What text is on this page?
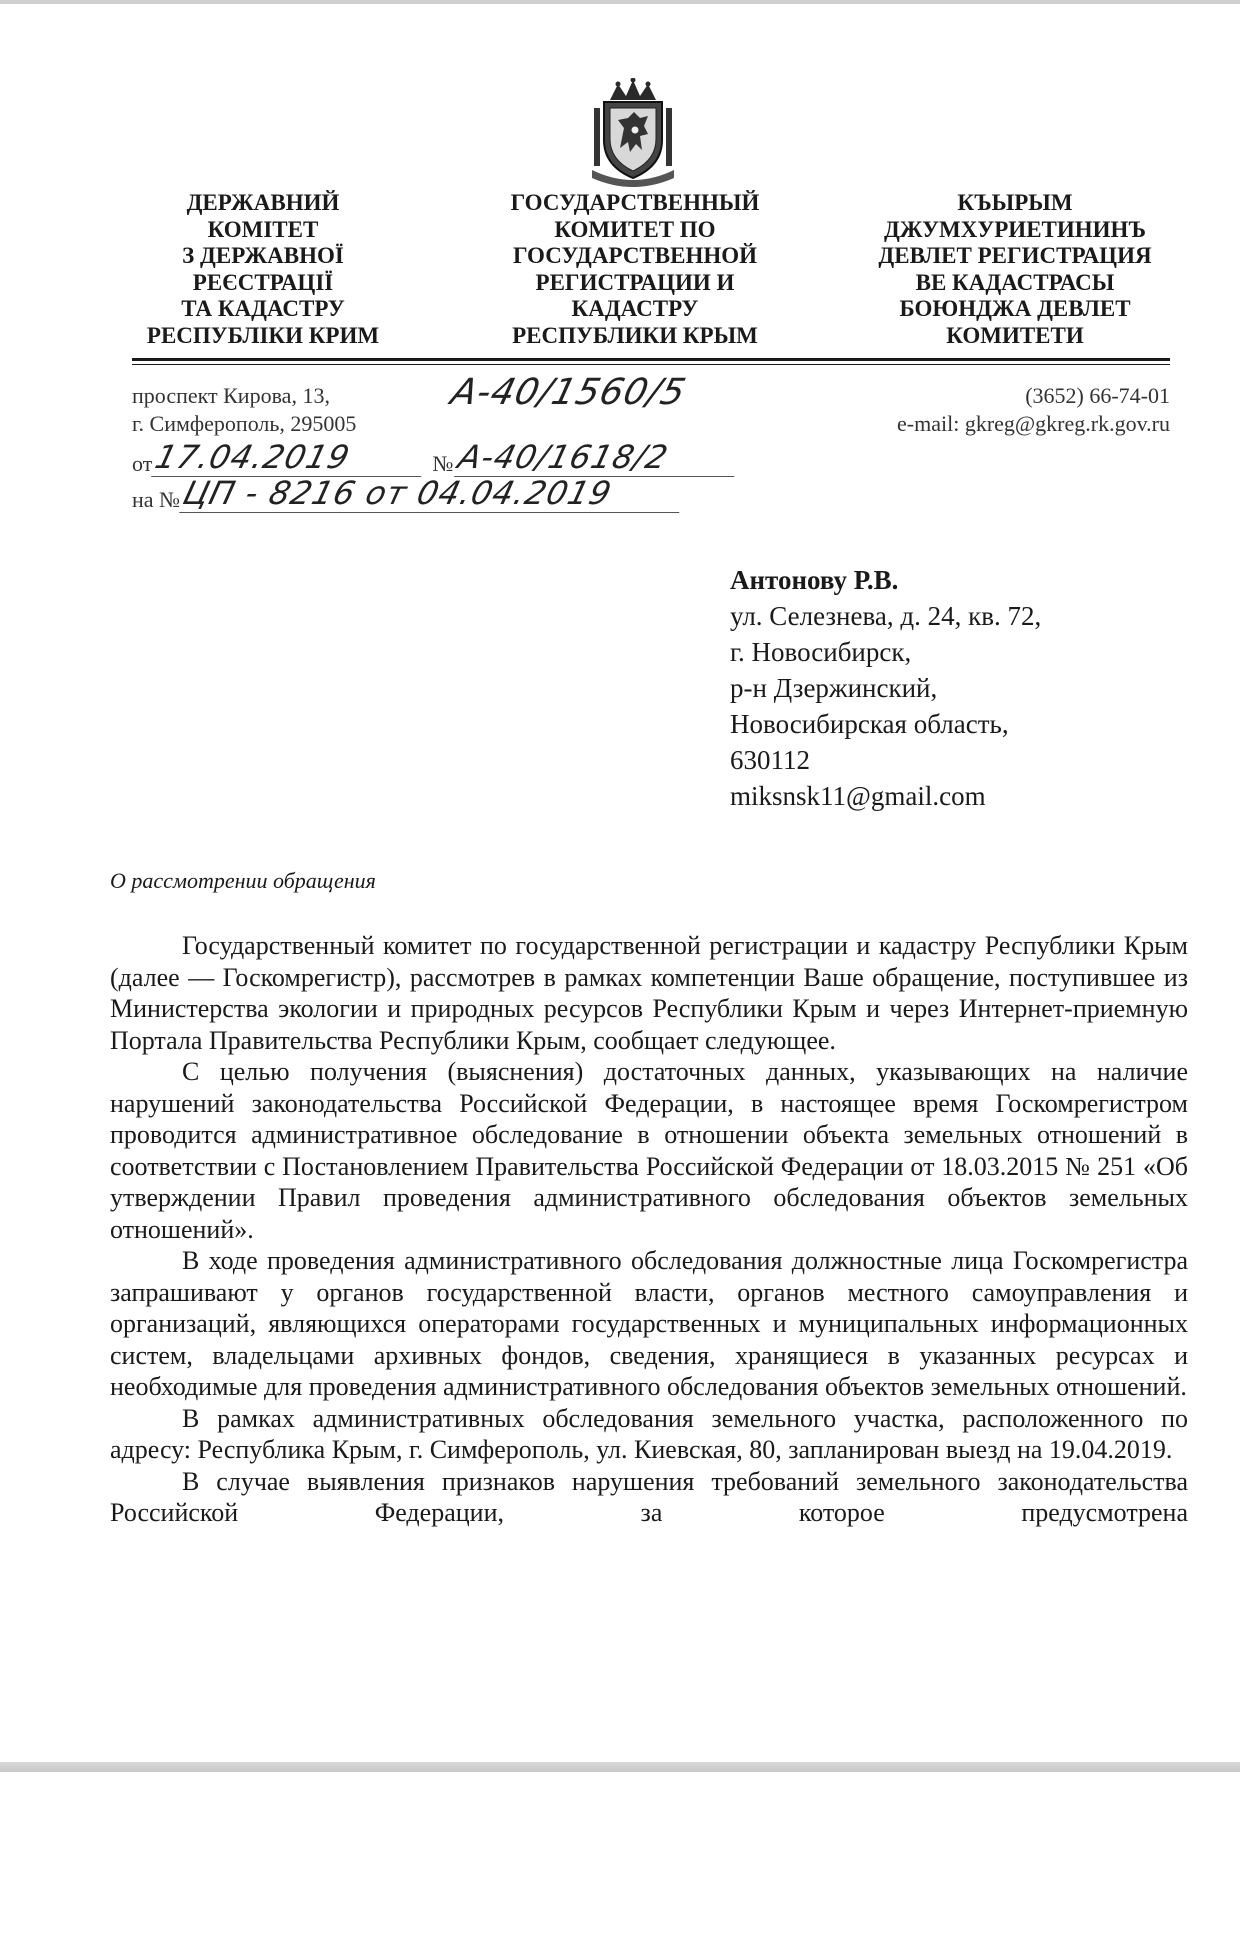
ДЕРЖАВНИЙ
КОМІТЕТ
З ДЕРЖАВНОЇ
РЕЄСТРАЦІЇ
ТА КАДАСТРУ
РЕСПУБЛІКИ КРИМ
ГОСУДАРСТВЕННЫЙ
КОМИТЕТ ПО
ГОСУДАРСТВЕННОЙ
РЕГИСТРАЦИИ И
КАДАСТРУ
РЕСПУБЛИКИ КРЫМ
КЪЫРЫМ
ДЖУМХУРИЕТИНИНЪ
ДЕВЛЕТ РЕГИСТРАЦИЯ
ВЕ КАДАСТРАСЫ
БОЮНДЖА ДЕВЛЕТ
КОМИТЕТИ
проспект Кирова, 13,
г. Симферополь, 295005
(3652) 66-74-01
e-mail: gkreg@gkreg.rk.gov.ru
А-40/1560/5
от 17.04.2019	№ А-40/1618/2
на № ЦП - 8216 от 04.04.2019
Антонову Р.В.
ул. Селезнева, д. 24, кв. 72,
г. Новосибирск,
р-н Дзержинский,
Новосибирская область,
630112
miksnsk11@gmail.com
О рассмотрении обращения

Государственный комитет по государственной регистрации и кадастру Республики Крым (далее — Госкомрегистр), рассмотрев в рамках компетенции Ваше обращение, поступившее из Министерства экологии и природных ресурсов Республики Крым и через Интернет-приемную Портала Правительства Республики Крым, сообщает следующее.

С целью получения (выяснения) достаточных данных, указывающих на наличие нарушений законодательства Российской Федерации, в настоящее время Госкомрегистром проводится административное обследование в отношении объекта земельных отношений в соответствии с Постановлением Правительства Российской Федерации от 18.03.2015 № 251 «Об утверждении Правил проведения административного обследования объектов земельных отношений».

В ходе проведения административного обследования должностные лица Госкомрегистра запрашивают у органов государственной власти, органов местного самоуправления и организаций, являющихся операторами государственных и муниципальных информационных систем, владельцами архивных фондов, сведения, хранящиеся в указанных ресурсах и необходимые для проведения административного обследования объектов земельных отношений.

В рамках административных обследования земельного участка, расположенного по адресу: Республика Крым, г. Симферополь, ул. Киевская, 80, запланирован выезд на 19.04.2019.

В случае выявления признаков нарушения требований земельного законодательства Российской Федерации, за которое предусмотрена
